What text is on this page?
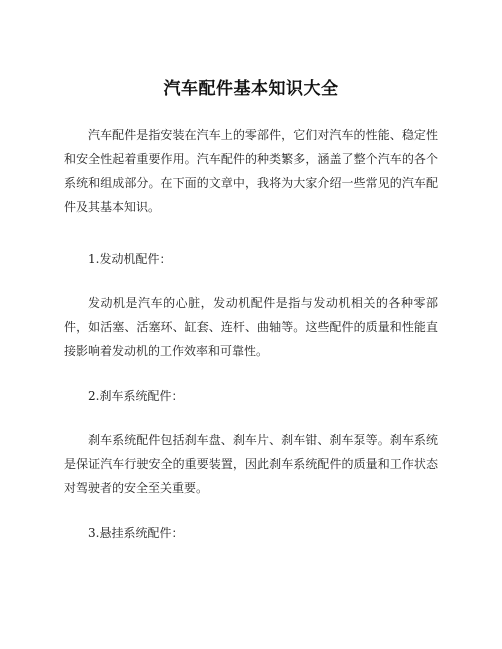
汽车配件基本知识大全

汽车配件是指安装在汽车上的零部件，它们对汽车的性能、稳定性和安全性起着重要作用。汽车配件的种类繁多，涵盖了整个汽车的各个系统和组成部分。在下面的文章中，我将为大家介绍一些常见的汽车配件及其基本知识。

1.发动机配件：

发动机是汽车的心脏，发动机配件是指与发动机相关的各种零部件，如活塞、活塞环、缸套、连杆、曲轴等。这些配件的质量和性能直接影响着发动机的工作效率和可靠性。

2.刹车系统配件：

刹车系统配件包括刹车盘、刹车片、刹车钳、刹车泵等。刹车系统是保证汽车行驶安全的重要装置，因此刹车系统配件的质量和工作状态对驾驶者的安全至关重要。

3.悬挂系统配件：
